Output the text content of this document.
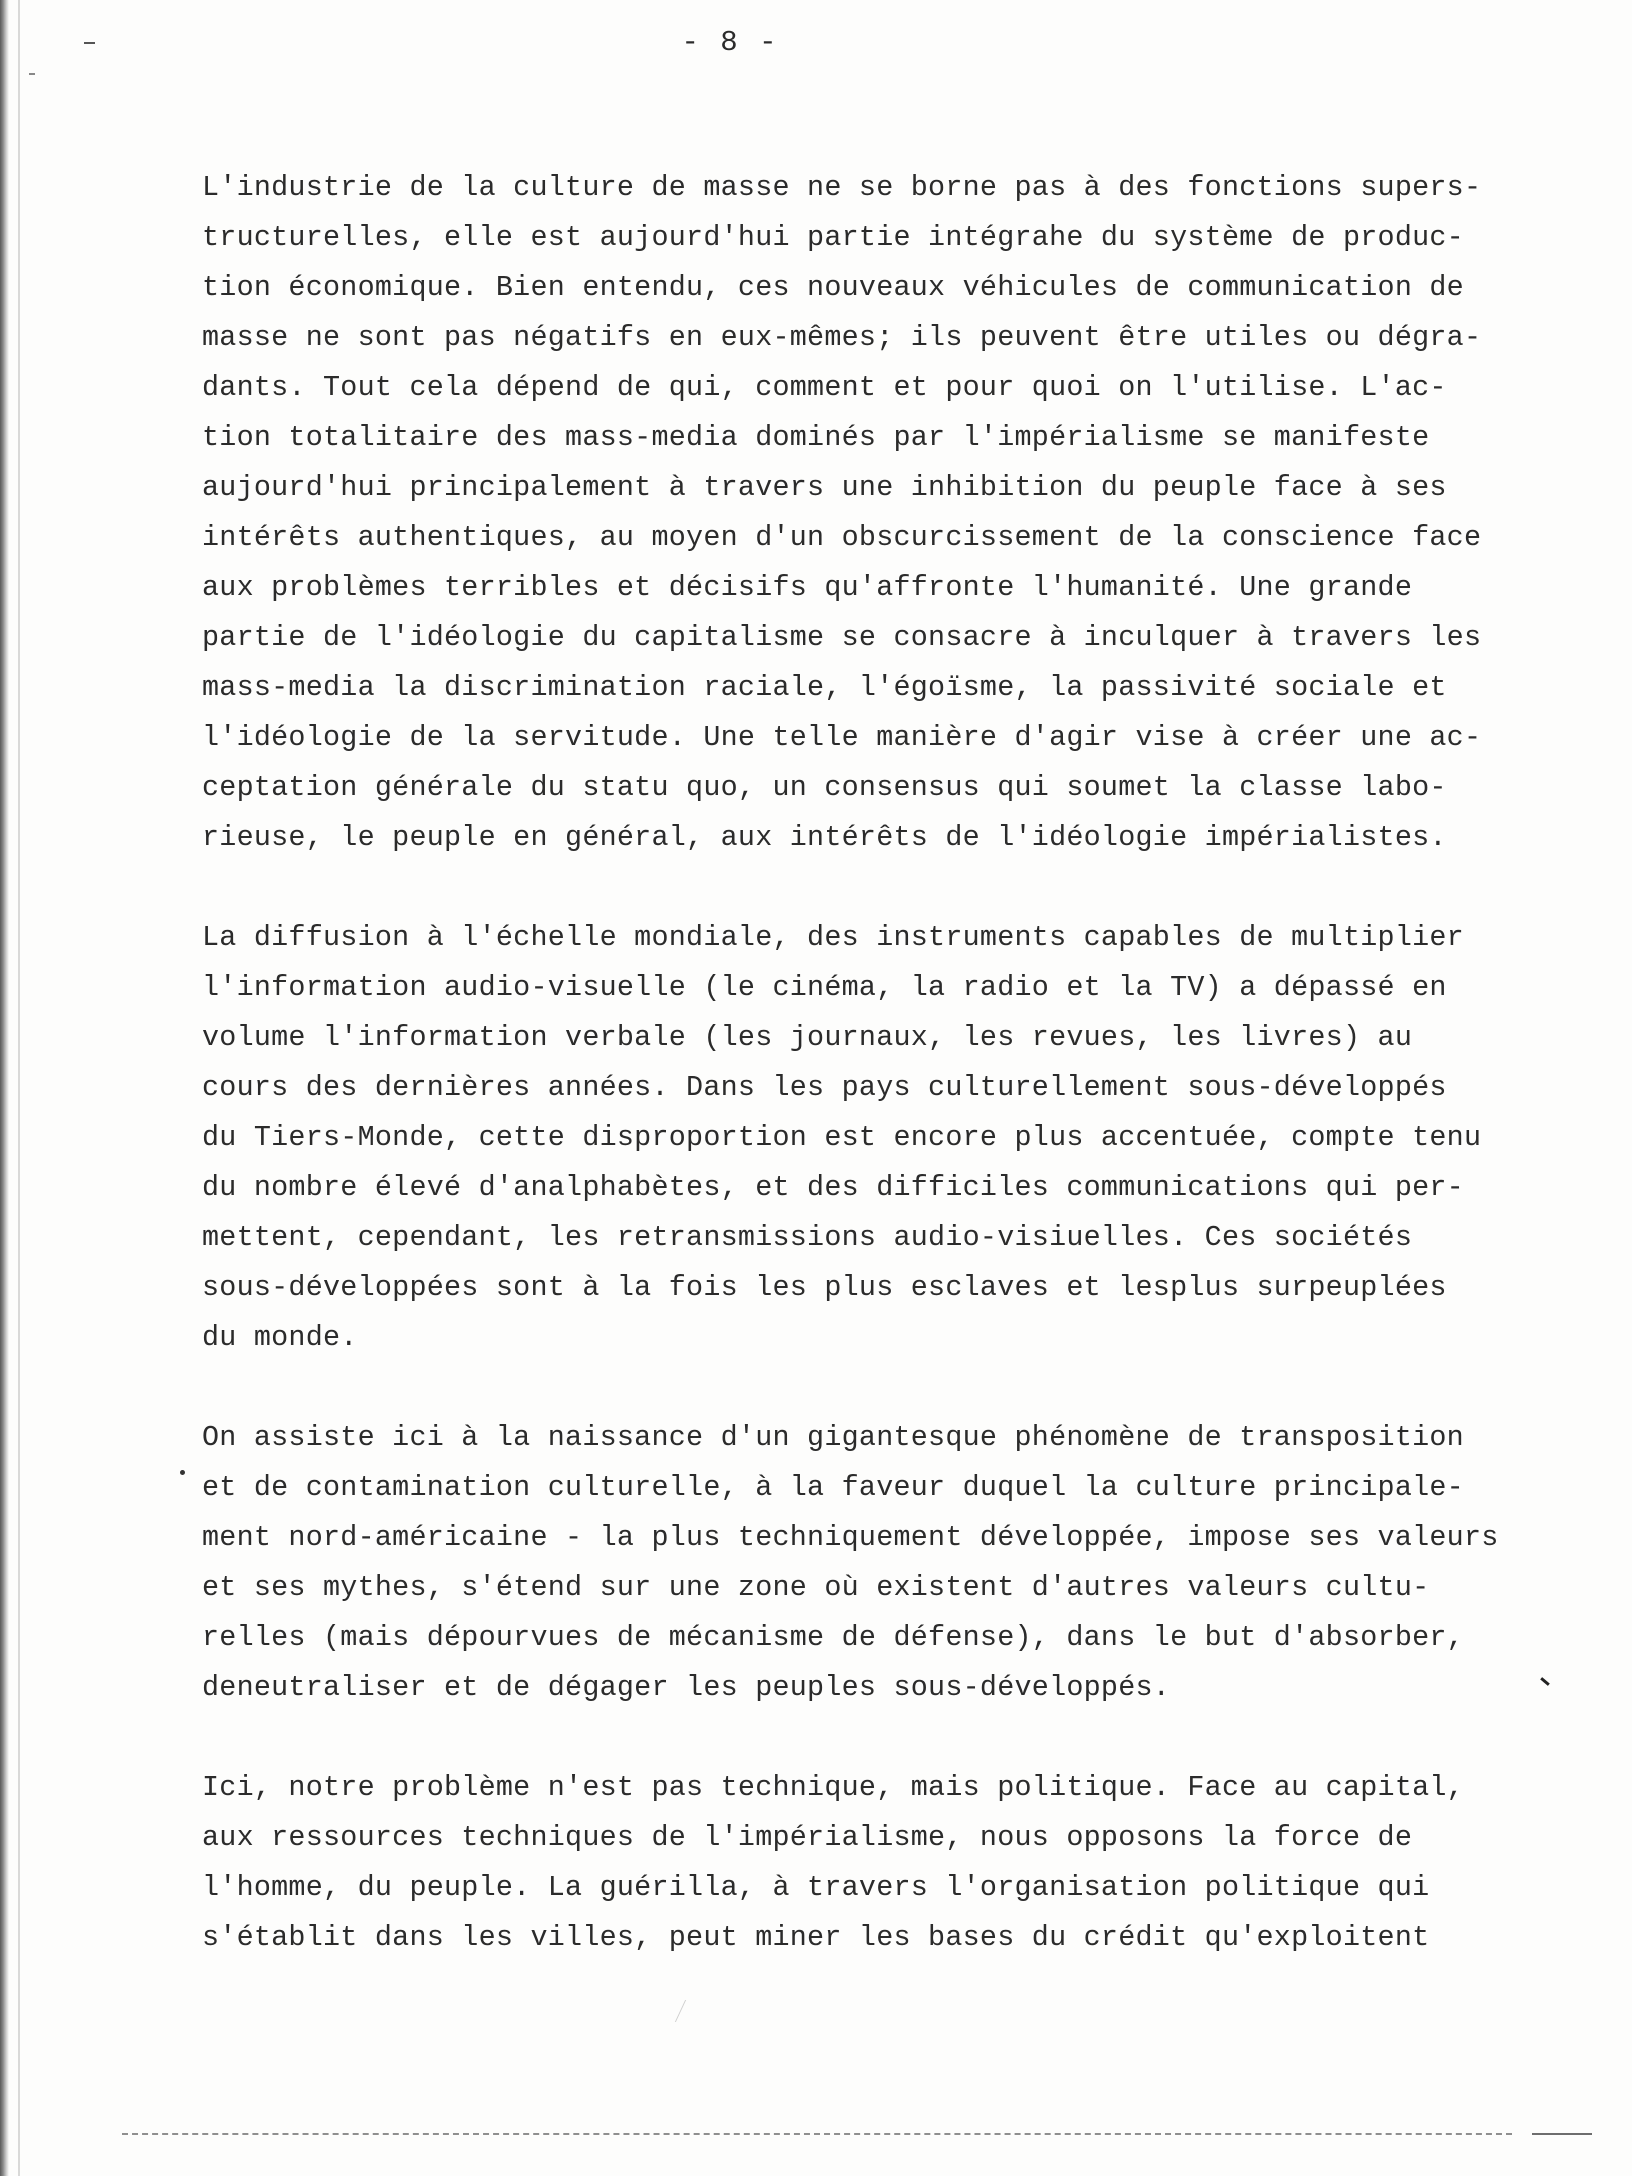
- 8 -

L'industrie de la culture de masse ne se borne pas à des fonctions supers-
tructurelles, elle est aujourd'hui partie intégrahe du système de produc-
tion économique. Bien entendu, ces nouveaux véhicules de communication de
masse ne sont pas négatifs en eux-mêmes; ils peuvent être utiles ou dégra-
dants. Tout cela dépend de qui, comment et pour quoi on l'utilise. L'ac-
tion totalitaire des mass-media dominés par l'impérialisme se manifeste
aujourd'hui principalement à travers une inhibition du peuple face à ses
intérêts authentiques, au moyen d'un obscurcissement de la conscience face
aux problèmes terribles et décisifs qu'affronte l'humanité. Une grande
partie de l'idéologie du capitalisme se consacre à inculquer à travers les
mass-media la discrimination raciale, l'égoïsme, la passivité sociale et
l'idéologie de la servitude. Une telle manière d'agir vise à créer une ac-
ceptation générale du statu quo, un consensus qui soumet la classe labo-
rieuse, le peuple en général, aux intérêts de l'idéologie impérialistes.

La diffusion à l'échelle mondiale, des instruments capables de multiplier
l'information audio-visuelle (le cinéma, la radio et la TV) a dépassé en
volume l'information verbale (les journaux, les revues, les livres) au
cours des dernières années. Dans les pays culturellement sous-développés
du Tiers-Monde, cette disproportion est encore plus accentuée, compte tenu
du nombre élevé d'analphabètes, et des difficiles communications qui per-
mettent, cependant, les retransmissions audio-visiuelles. Ces sociétés
sous-développées sont à la fois les plus esclaves et lesplus surpeuplées
du monde.

On assiste ici à la naissance d'un gigantesque phénomène de transposition
et de contamination culturelle, à la faveur duquel la culture principale-
ment nord-américaine - la plus techniquement développée, impose ses valeurs
et ses mythes, s'étend sur une zone où existent d'autres valeurs cultu-
relles (mais dépourvues de mécanisme de défense), dans le but d'absorber,
deneutraliser et de dégager les peuples sous-développés.

Ici, notre problème n'est pas technique, mais politique. Face au capital,
aux ressources techniques de l'impérialisme, nous opposons la force de
l'homme, du peuple. La guérilla, à travers l'organisation politique qui
s'établit dans les villes, peut miner les bases du crédit qu'exploitent
